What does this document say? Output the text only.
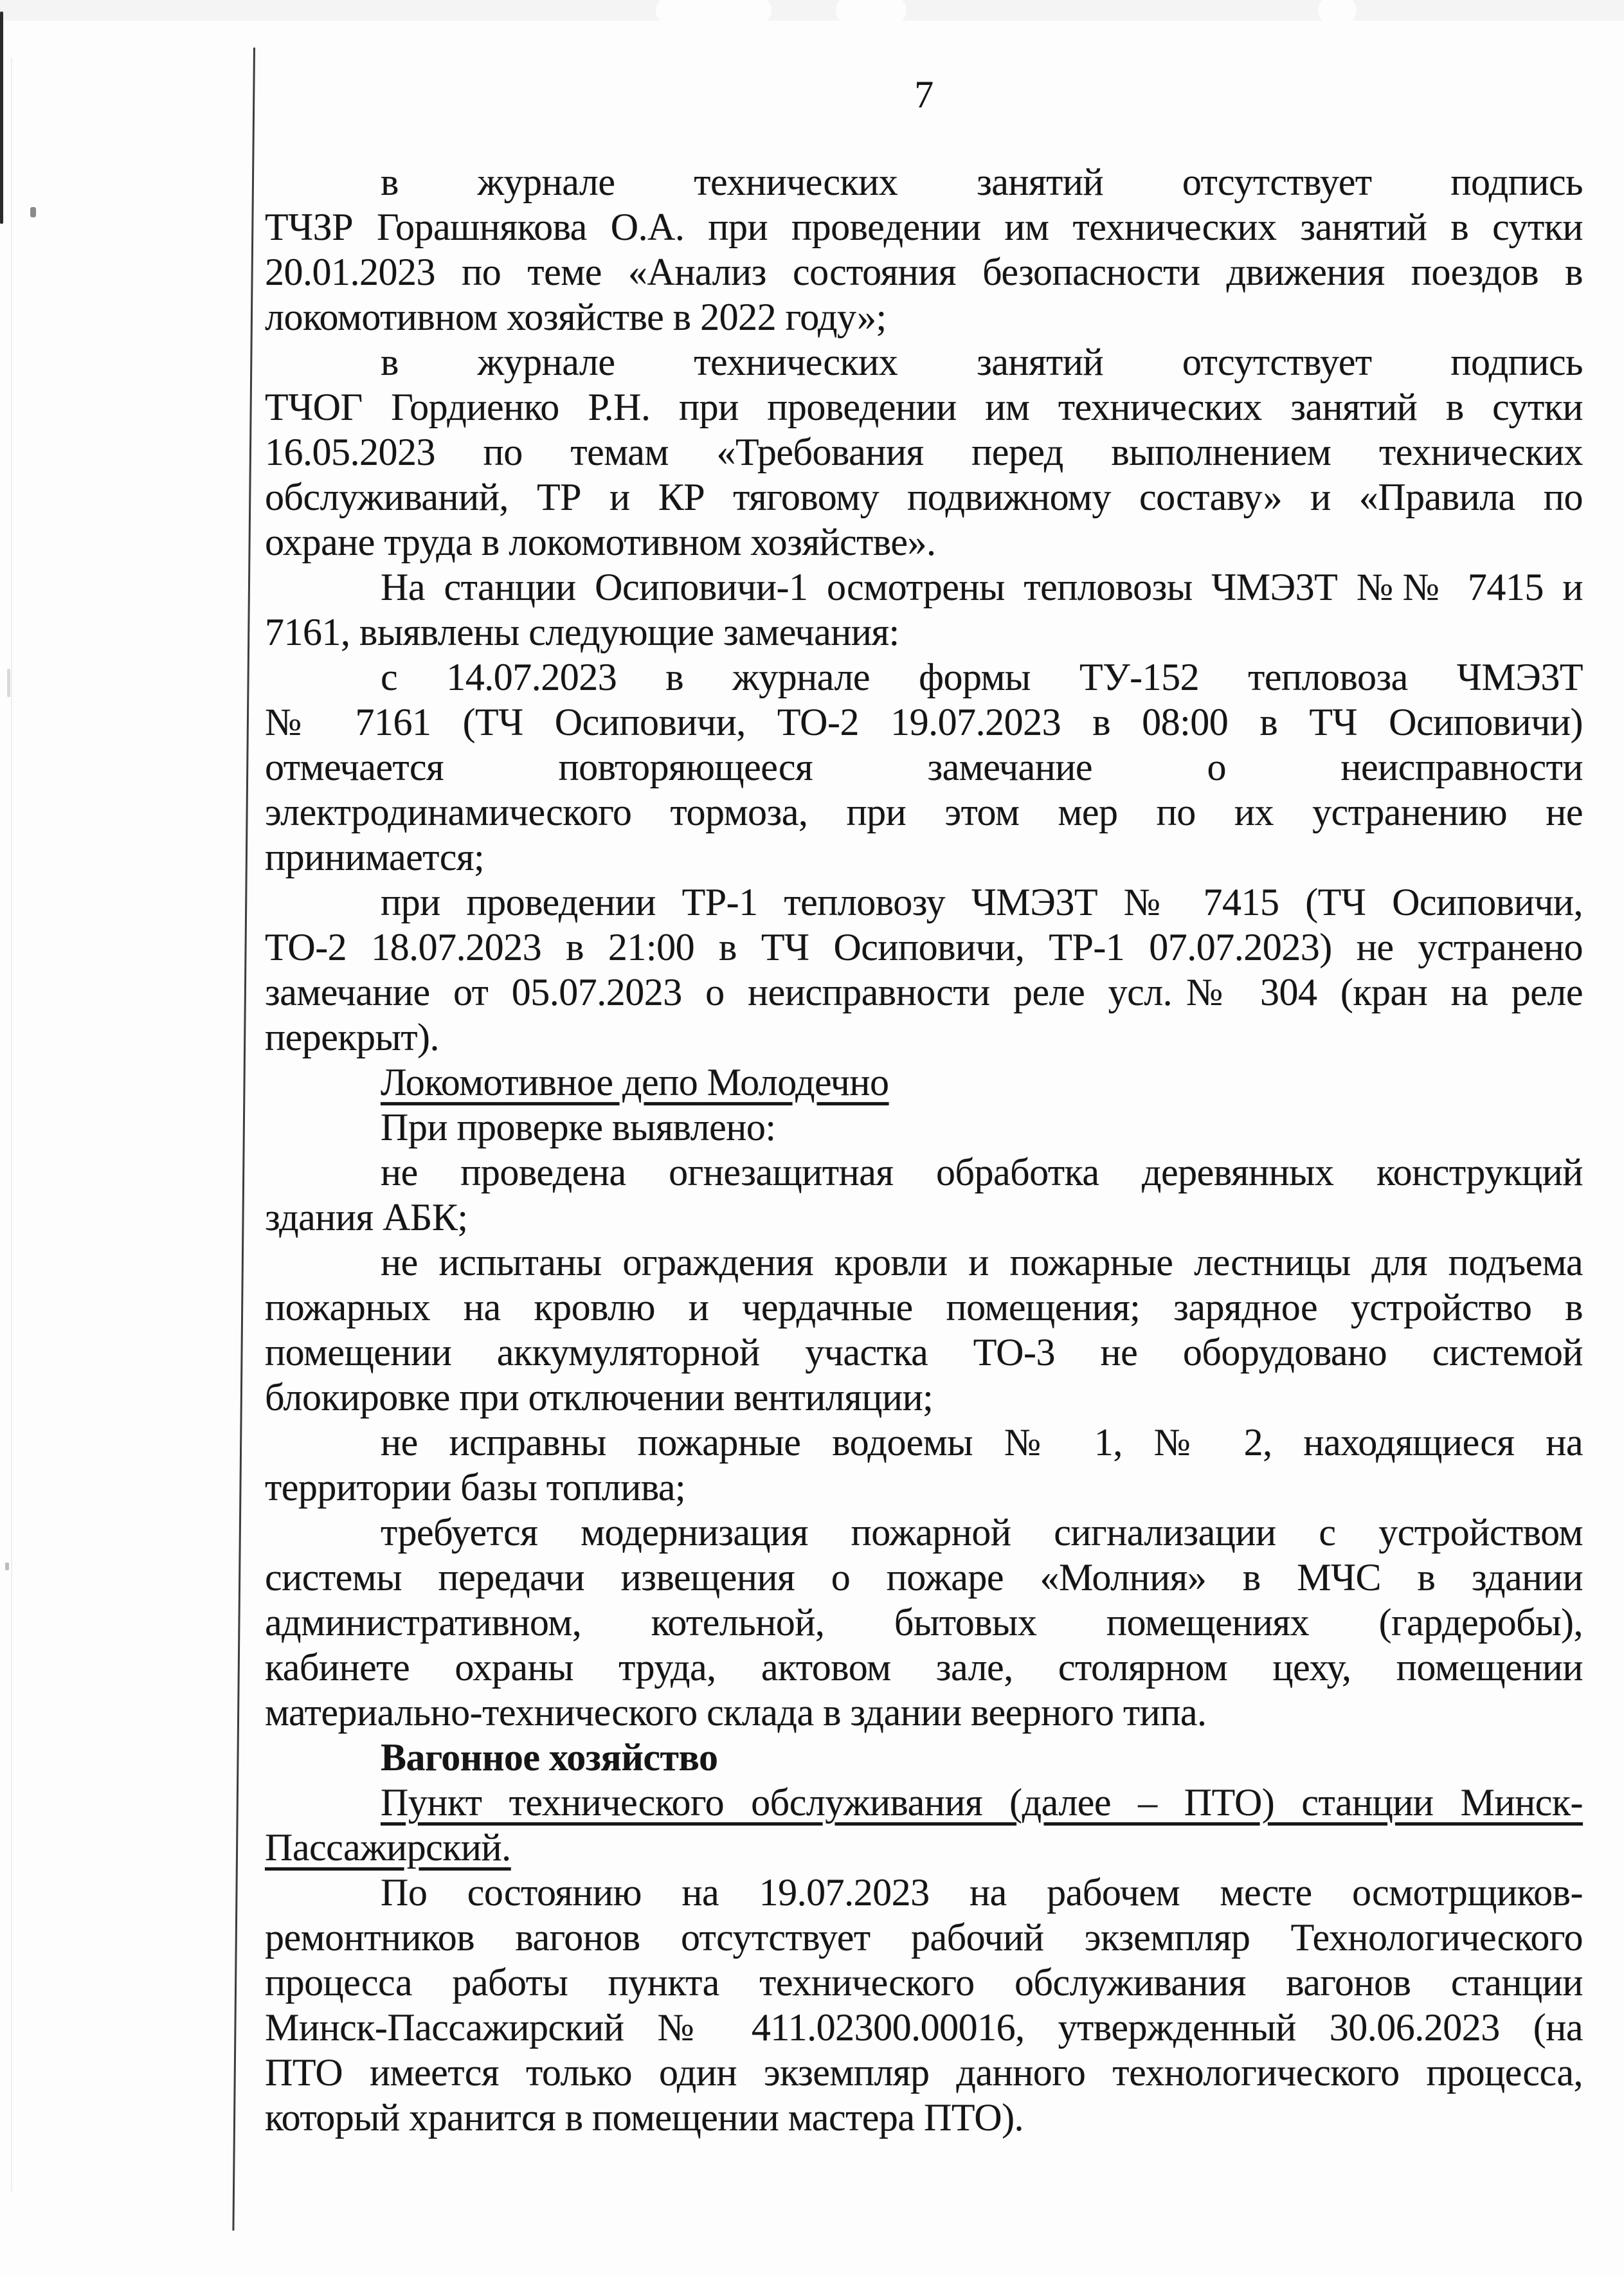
7
в журнале технических занятий отсутствует подпись
ТЧЗР Горашнякова О.А. при проведении им технических занятий в сутки
20.01.2023 по теме «Анализ состояния безопасности движения поездов в
локомотивном хозяйстве в 2022 году»;
в журнале технических занятий отсутствует подпись
ТЧОГ Гордиенко Р.Н. при проведении им технических занятий в сутки
16.05.2023 по темам «Требования перед выполнением технических
обслуживаний, ТР и КР тяговому подвижному составу» и «Правила по
охране труда в локомотивном хозяйстве».
На станции Осиповичи-1 осмотрены тепловозы ЧМЭ3Т №№ 7415 и
7161, выявлены следующие замечания:
с 14.07.2023 в журнале формы ТУ-152 тепловоза ЧМЭ3Т
№ 7161 (ТЧ Осиповичи, ТО-2 19.07.2023 в 08:00 в ТЧ Осиповичи)
отмечается повторяющееся замечание о неисправности
электродинамического тормоза, при этом мер по их устранению не
принимается;
при проведении ТР-1 тепловозу ЧМЭ3Т № 7415 (ТЧ Осиповичи,
ТО-2 18.07.2023 в 21:00 в ТЧ Осиповичи, ТР-1 07.07.2023) не устранено
замечание от 05.07.2023 о неисправности реле усл.№ 304 (кран на реле
перекрыт).
Локомотивное депо Молодечно
При проверке выявлено:
не проведена огнезащитная обработка деревянных конструкций
здания АБК;
не испытаны ограждения кровли и пожарные лестницы для подъема
пожарных на кровлю и чердачные помещения; зарядное устройство в
помещении аккумуляторной участка ТО-3 не оборудовано системой
блокировке при отключении вентиляции;
не исправны пожарные водоемы № 1, № 2, находящиеся на
территории базы топлива;
требуется модернизация пожарной сигнализации с устройством
системы передачи извещения о пожаре «Молния» в МЧС в здании
административном, котельной, бытовых помещениях (гардеробы),
кабинете охраны труда, актовом зале, столярном цеху, помещении
материально-технического склада в здании веерного типа.
Вагонное хозяйство
Пункт технического обслуживания (далее – ПТО) станции Минск-
Пассажирский.
По состоянию на 19.07.2023 на рабочем месте осмотрщиков-
ремонтников вагонов отсутствует рабочий экземпляр Технологического
процесса работы пункта технического обслуживания вагонов станции
Минск-Пассажирский № 411.02300.00016, утвержденный 30.06.2023 (на
ПТО имеется только один экземпляр данного технологического процесса,
который хранится в помещении мастера ПТО).
